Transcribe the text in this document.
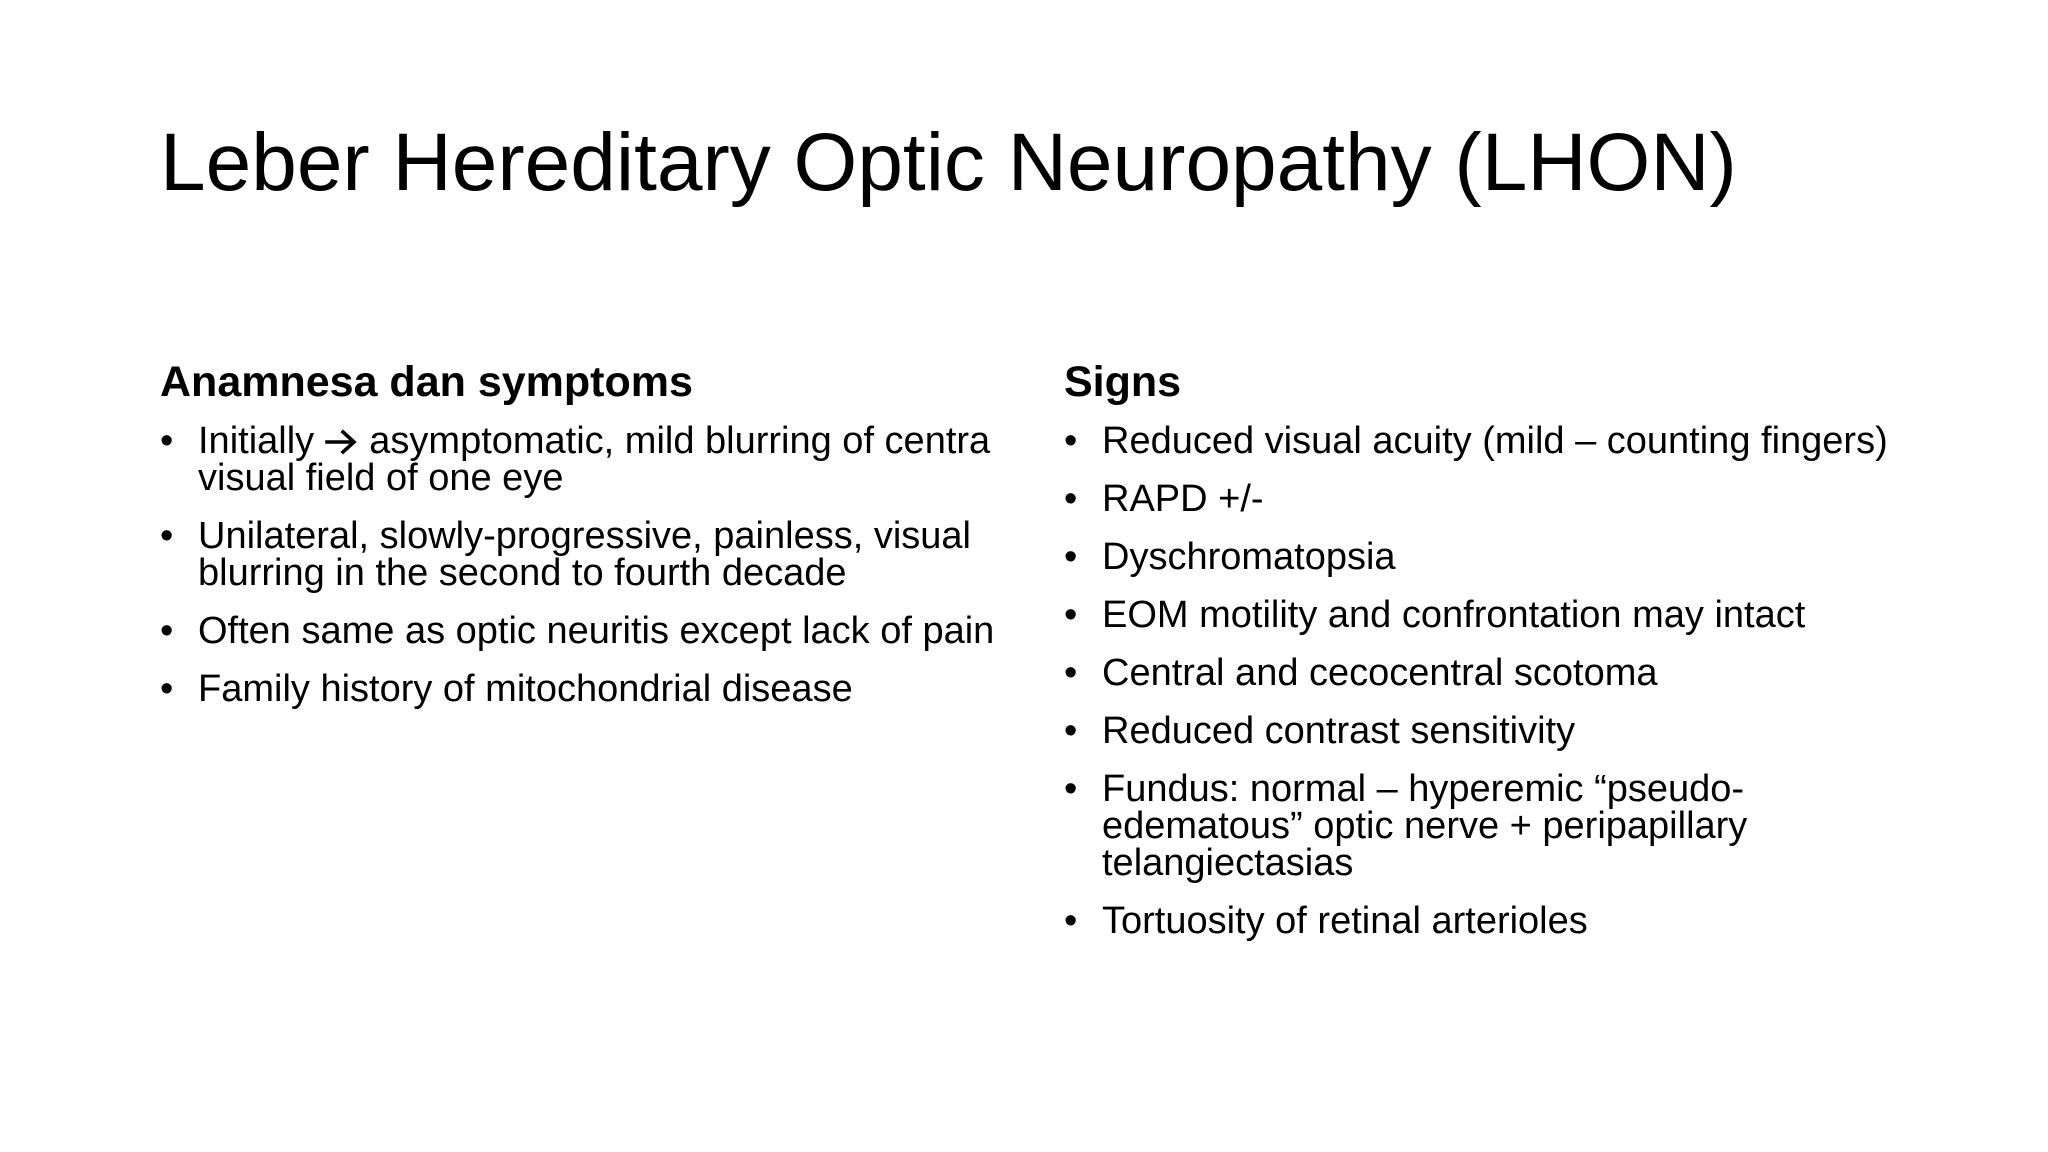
Leber Hereditary Optic Neuropathy (LHON)
Anamnesa dan symptoms
• Initially  asymptomatic, mild blurring of centra visual field of one eye
• Unilateral, slowly-progressive, painless, visual blurring in the second to fourth decade
• Often same as optic neuritis except lack of pain
• Family history of mitochondrial disease
Signs
• Reduced visual acuity (mild – counting fingers)
• RAPD +/-
• Dyschromatopsia
• EOM motility and confrontation may intact
• Central and cecocentral scotoma
• Reduced contrast sensitivity
• Fundus: normal – hyperemic “pseudo-edematous” optic nerve + peripapillary telangiectasias
• Tortuosity of retinal arterioles
